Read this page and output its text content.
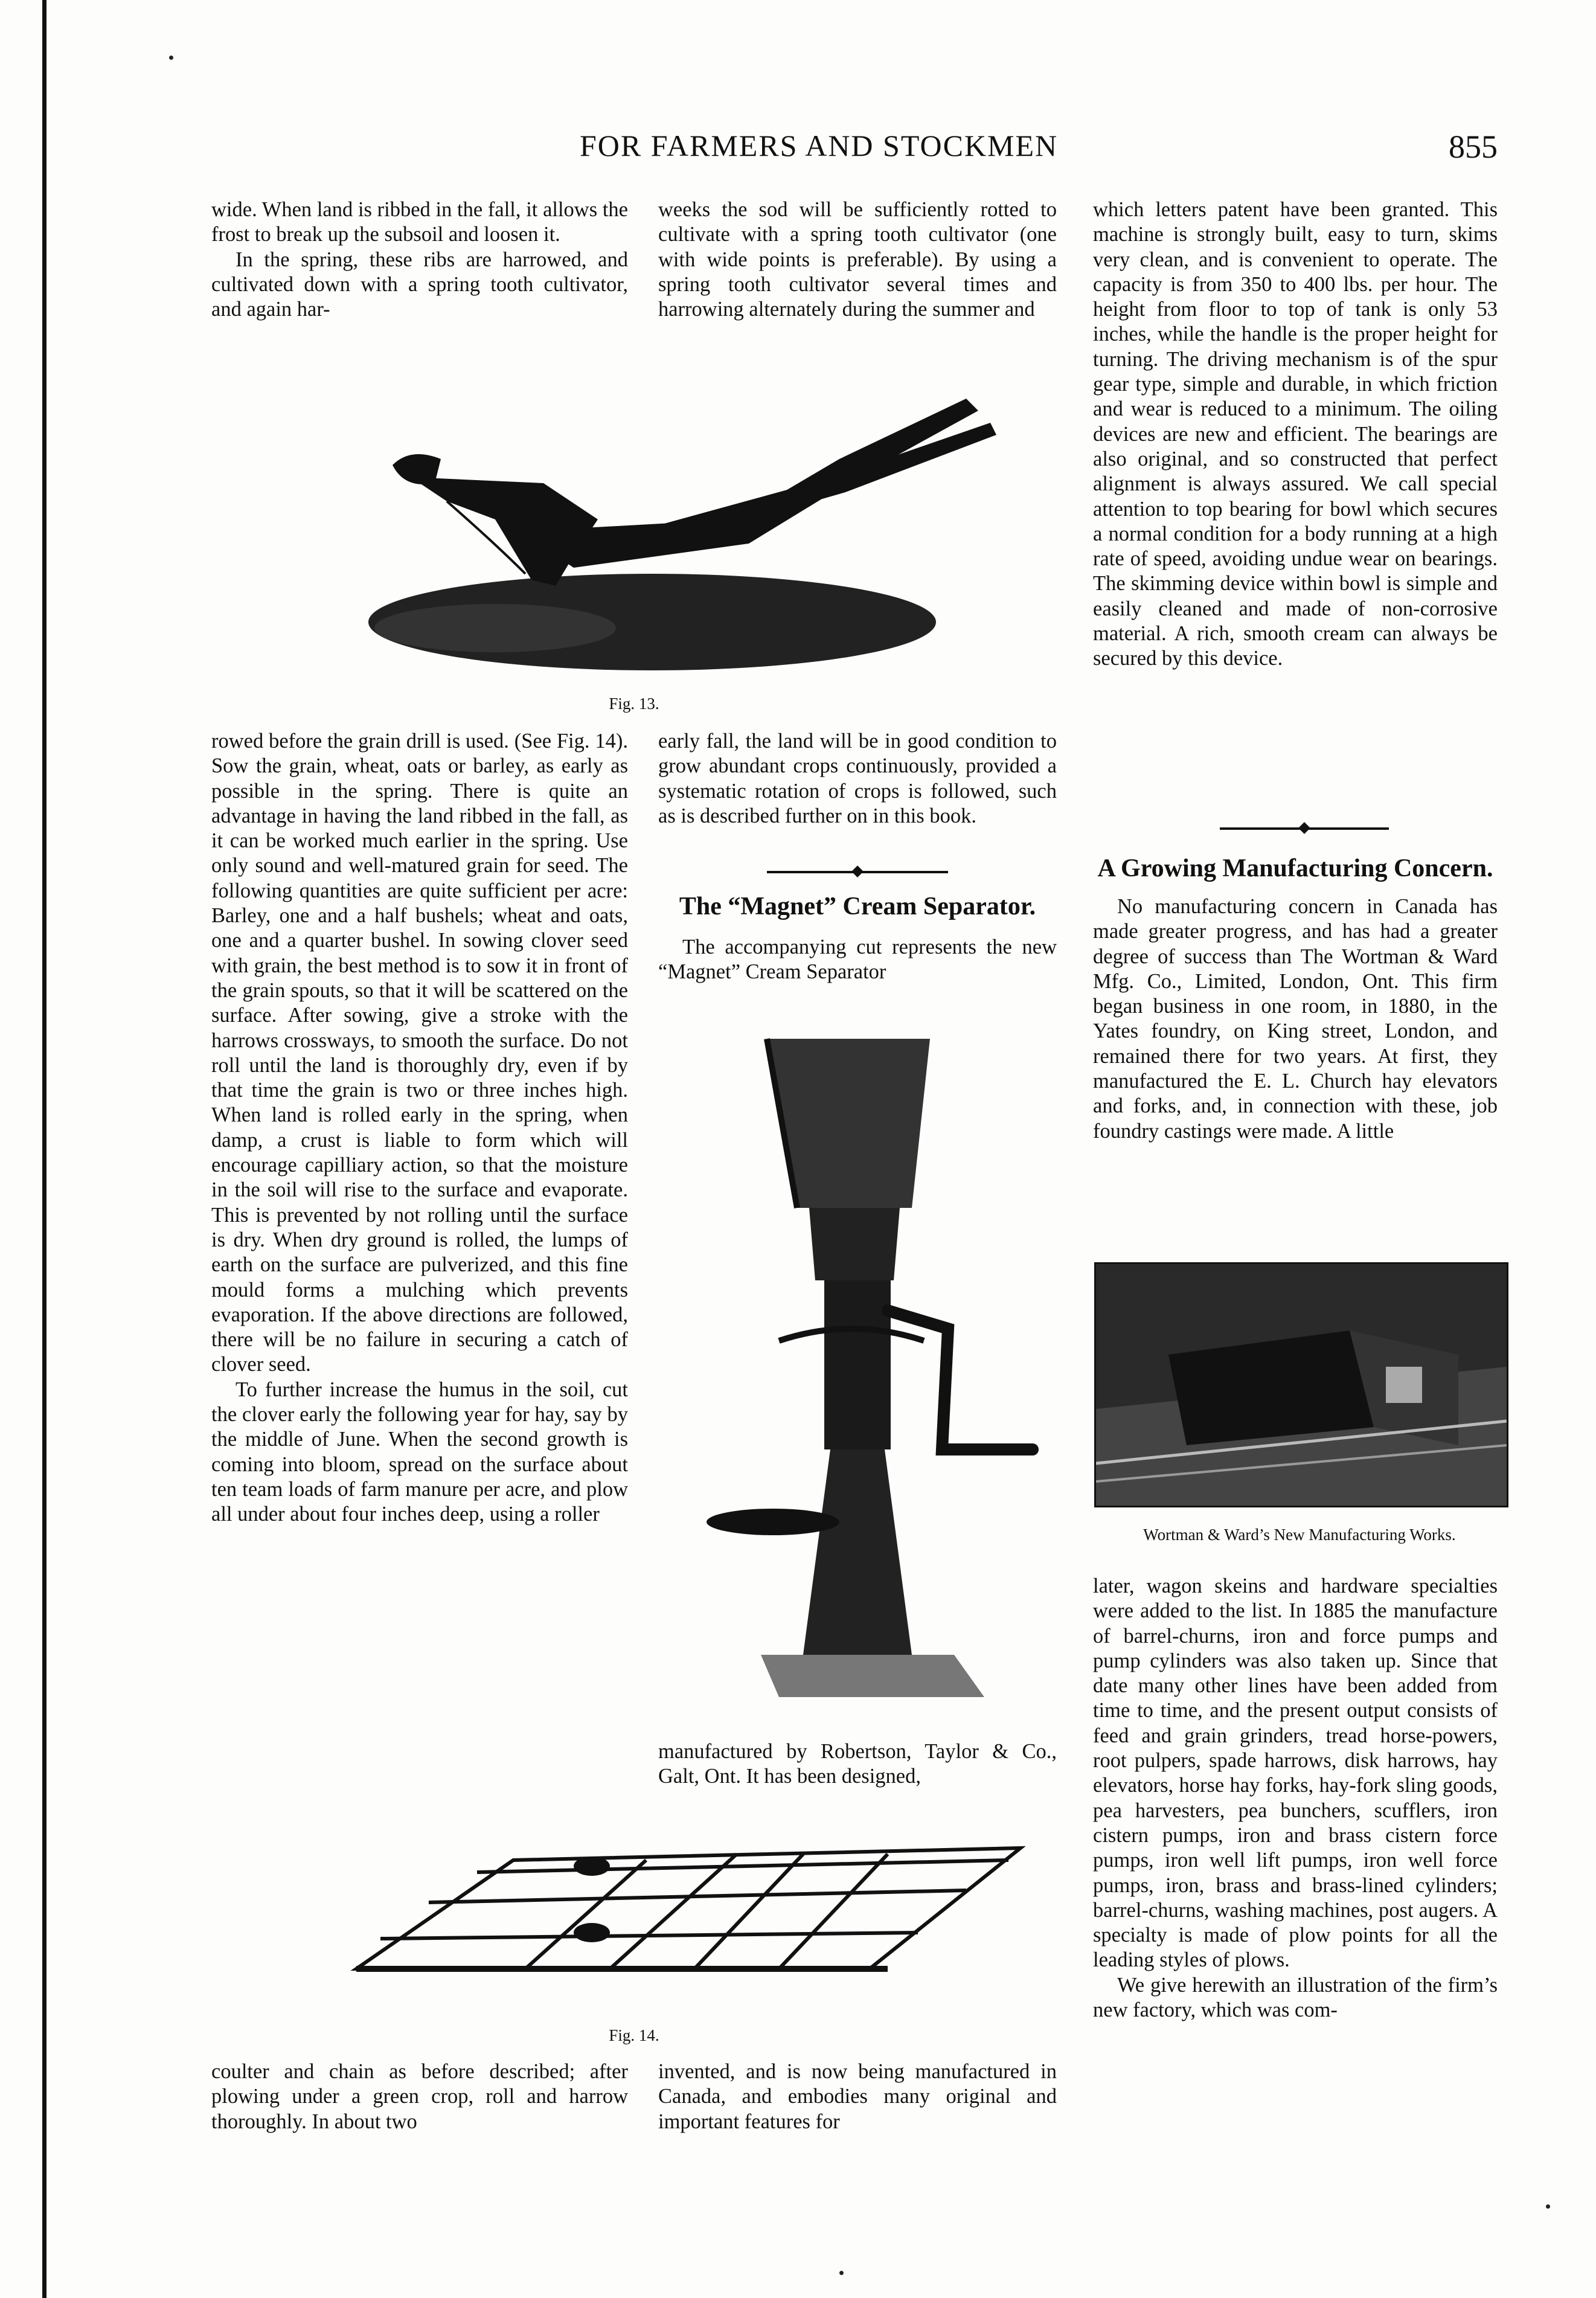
FOR FARMERS AND STOCKMEN	855

wide. When land is ribbed in the fall, it allows the frost to break up the subsoil and loosen it.

In the spring, these ribs are harrowed, and cultivated down with a spring tooth cultivator, and again har-

weeks the sod will be sufficiently rotted to cultivate with a spring tooth cultivator (one with wide points is preferable). By using a spring tooth cultivator several times and harrowing alternately during the summer and

Fig. 13.

rowed before the grain drill is used. (See Fig. 14). Sow the grain, wheat, oats or barley, as early as possible in the spring. There is quite an advantage in having the land ribbed in the fall, as it can be worked much earlier in the spring. Use only sound and well-matured grain for seed. The following quantities are quite sufficient per acre: Barley, one and a half bushels; wheat and oats, one and a quarter bushel. In sowing clover seed with grain, the best method is to sow it in front of the grain spouts, so that it will be scattered on the surface. After sowing, give a stroke with the harrows crossways, to smooth the surface. Do not roll until the land is thoroughly dry, even if by that time the grain is two or three inches high. When land is rolled early in the spring, when damp, a crust is liable to form which will encourage capilliary action, so that the moisture in the soil will rise to the surface and evaporate. This is prevented by not rolling until the surface is dry. When dry ground is rolled, the lumps of earth on the surface are pulverized, and this fine mould forms a mulching which prevents evaporation. If the above directions are followed, there will be no failure in securing a catch of clover seed.

To further increase the humus in the soil, cut the clover early the following year for hay, say by the middle of June. When the second growth is coming into bloom, spread on the surface about ten team loads of farm manure per acre, and plow all under about four inches deep, using a roller

early fall, the land will be in good condition to grow abundant crops continuously, provided a systematic rotation of crops is followed, such as is described further on in this book.

The “Magnet” Cream Separator.

The accompanying cut represents the new “Magnet” Cream Separator

manufactured by Robertson, Taylor & Co., Galt, Ont. It has been designed,

which letters patent have been granted. This machine is strongly built, easy to turn, skims very clean, and is convenient to operate. The capacity is from 350 to 400 lbs. per hour. The height from floor to top of tank is only 53 inches, while the handle is the proper height for turning. The driving mechanism is of the spur gear type, simple and durable, in which friction and wear is reduced to a minimum. The oiling devices are new and efficient. The bearings are also original, and so constructed that perfect alignment is always assured. We call special attention to top bearing for bowl which secures a normal condition for a body running at a high rate of speed, avoiding undue wear on bearings. The skimming device within bowl is simple and easily cleaned and made of non-corrosive material. A rich, smooth cream can always be secured by this device.

A Growing Manufacturing Concern.

No manufacturing concern in Canada has made greater progress, and has had a greater degree of success than The Wortman & Ward Mfg. Co., Limited, London, Ont. This firm began business in one room, in 1880, in the Yates foundry, on King street, London, and remained there for two years. At first, they manufactured the E. L. Church hay elevators and forks, and, in connection with these, job foundry castings were made. A little

Wortman & Ward’s New Manufacturing Works.

later, wagon skeins and hardware specialties were added to the list. In 1885 the manufacture of barrel-churns, iron and force pumps and pump cylinders was also taken up. Since that date many other lines have been added from time to time, and the present output consists of feed and grain grinders, tread horse-powers, root pulpers, spade harrows, disk harrows, hay elevators, horse hay forks, hay-fork sling goods, pea harvesters, pea bunchers, scufflers, iron cistern pumps, iron and brass cistern force pumps, iron well lift pumps, iron well force pumps, iron, brass and brass-lined cylinders; barrel-churns, washing machines, post augers. A specialty is made of plow points for all the leading styles of plows.

We give herewith an illustration of the firm’s new factory, which was com-

Fig. 14.

coulter and chain as before described; after plowing under a green crop, roll and harrow thoroughly. In about two

invented, and is now being manufactured in Canada, and embodies many original and important features for
